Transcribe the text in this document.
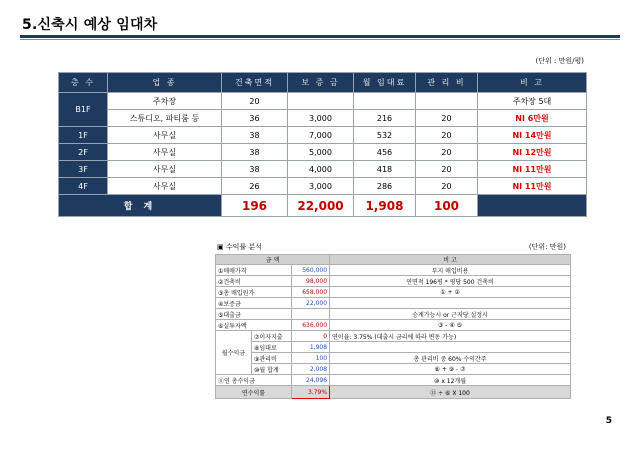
5.신축시 예상 임대차
(단위 : 만원/평)
층 수	업 종	건축면적	보 증 금	월 임대료	관 리 비	비 고
B1F	주차장	20				주차장 5대
	스튜디오, 파티룸 등	36	3,000	216	20	NI 6만원
1F	사무실	38	7,000	532	20	NI 14만원
2F	사무실	38	5,000	456	20	NI 12만원
3F	사무실	38	4,000	418	20	NI 11만원
4F	사무실	26	3,000	286	20	NI 11만원
합 계		196	22,000	1,908	100	
▣ 수익률 분석	(단위: 만원)
금 액			비 고
①매매가격		560,000	부지 매입비용
②건축비		98,000	연면적 196평 * 평당 500 건축비
③총 매입원가		658,000	① + ②
④보증금		22,000	
⑤대출금			승계가능시 or 근저당 설정시
⑥실투자액		636,000	③ - ④ ⑤
월수익금	⑦이자지출	0	연이율: 3.75% (대출시 금리에 따라 변동 가능)
	⑧임대료	1,908	
	⑨관리비	100	총 관리비 중 60% 수익간주
	⑩월 합계	2,008	⑧ + ⑨ - ⑦
⑪연 총수익금		24,096	⑩ x 12개월
연수익률		3.79%	⑪ ÷ ⑥ X 100
5
